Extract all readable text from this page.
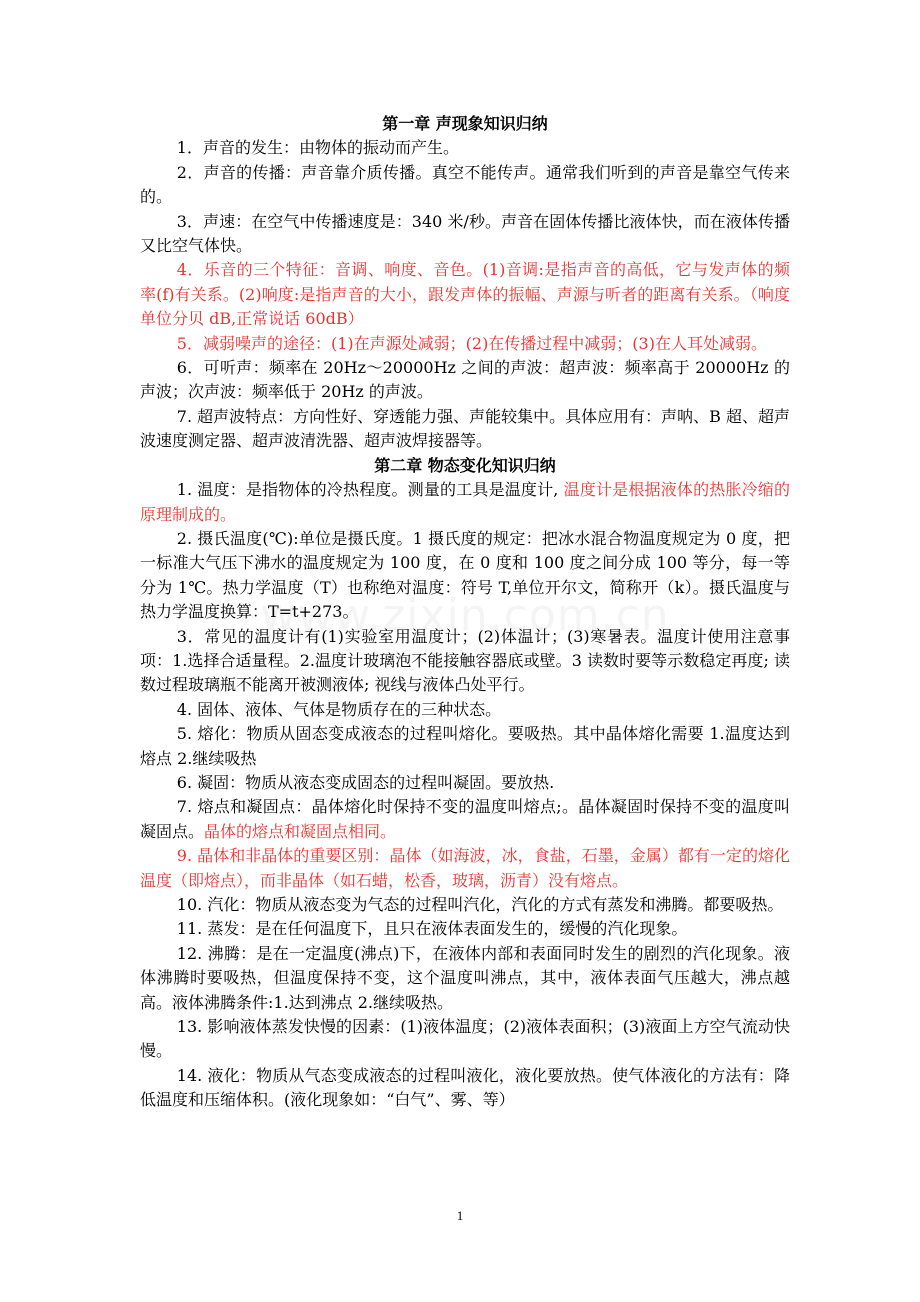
第一章 声现象知识归纳

1．声音的发生：由物体的振动而产生。

2．声音的传播：声音靠介质传播。真空不能传声。通常我们听到的声音是靠空气传来的。

3．声速：在空气中传播速度是：340 米/秒。声音在固体传播比液体快，而在液体传播又比空气体快。

4．乐音的三个特征：音调、响度、音色。(1)音调:是指声音的高低，它与发声体的频率(f)有关系。(2)响度:是指声音的大小，跟发声体的振幅、声源与听者的距离有关系。（响度单位分贝 dB,正常说话 60dB）

5．减弱噪声的途径：(1)在声源处减弱；(2)在传播过程中减弱；(3)在人耳处减弱。

6．可听声：频率在 20Hz～20000Hz 之间的声波：超声波：频率高于 20000Hz 的声波；次声波：频率低于 20Hz 的声波。

7. 超声波特点：方向性好、穿透能力强、声能较集中。具体应用有：声呐、B 超、超声波速度测定器、超声波清洗器、超声波焊接器等。

第二章 物态变化知识归纳

1. 温度：是指物体的冷热程度。测量的工具是温度计, 温度计是根据液体的热胀冷缩的原理制成的。

2. 摄氏温度(℃):单位是摄氏度。1 摄氏度的规定：把冰水混合物温度规定为 0 度，把一标准大气压下沸水的温度规定为 100 度，在 0 度和 100 度之间分成 100 等分，每一等分为 1℃。热力学温度（T）也称绝对温度：符号 T,单位开尔文，简称开（k）。摄氏温度与热力学温度换算：T=t+273。

3．常见的温度计有(1)实验室用温度计；(2)体温计；(3)寒暑表。温度计使用注意事项：1.选择合适量程。2.温度计玻璃泡不能接触容器底或壁。3 读数时要等示数稳定再度; 读数过程玻璃瓶不能离开被测液体; 视线与液体凸处平行。

4. 固体、液体、气体是物质存在的三种状态。

5. 熔化：物质从固态变成液态的过程叫熔化。要吸热。其中晶体熔化需要 1.温度达到熔点 2.继续吸热

6. 凝固：物质从液态变成固态的过程叫凝固。要放热.

7. 熔点和凝固点：晶体熔化时保持不变的温度叫熔点;。晶体凝固时保持不变的温度叫凝固点。晶体的熔点和凝固点相同。

9. 晶体和非晶体的重要区别：晶体（如海波，冰，食盐，石墨，金属）都有一定的熔化温度（即熔点），而非晶体（如石蜡，松香，玻璃，沥青）没有熔点。

10. 汽化：物质从液态变为气态的过程叫汽化，汽化的方式有蒸发和沸腾。都要吸热。

11. 蒸发：是在任何温度下，且只在液体表面发生的，缓慢的汽化现象。

12. 沸腾：是在一定温度(沸点)下，在液体内部和表面同时发生的剧烈的汽化现象。液体沸腾时要吸热，但温度保持不变，这个温度叫沸点，其中，液体表面气压越大，沸点越高。液体沸腾条件:1.达到沸点 2.继续吸热。

13. 影响液体蒸发快慢的因素：(1)液体温度；(2)液体表面积；(3)液面上方空气流动快慢。

14. 液化：物质从气态变成液态的过程叫液化，液化要放热。使气体液化的方法有：降低温度和压缩体积。(液化现象如：“白气”、雾、等）

1
